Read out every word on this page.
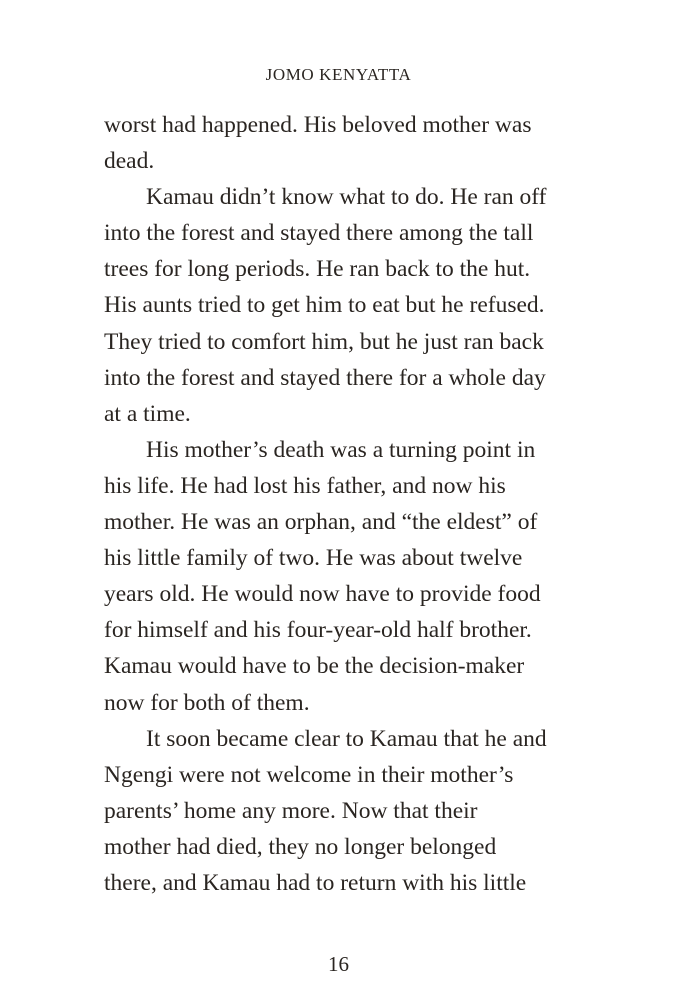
JOMO KENYATTA
worst had happened. His beloved mother was
dead.
Kamau didn’t know what to do. He ran off
into the forest and stayed there among the tall
trees for long periods. He ran back to the hut.
His aunts tried to get him to eat but he refused.
They tried to comfort him, but he just ran back
into the forest and stayed there for a whole day
at a time.
His mother’s death was a turning point in
his life. He had lost his father, and now his
mother. He was an orphan, and “the eldest” of
his little family of two. He was about twelve
years old. He would now have to provide food
for himself and his four-year-old half brother.
Kamau would have to be the decision-maker
now for both of them.
It soon became clear to Kamau that he and
Ngengi were not welcome in their mother’s
parents’ home any more. Now that their
mother had died, they no longer belonged
there, and Kamau had to return with his little
16
